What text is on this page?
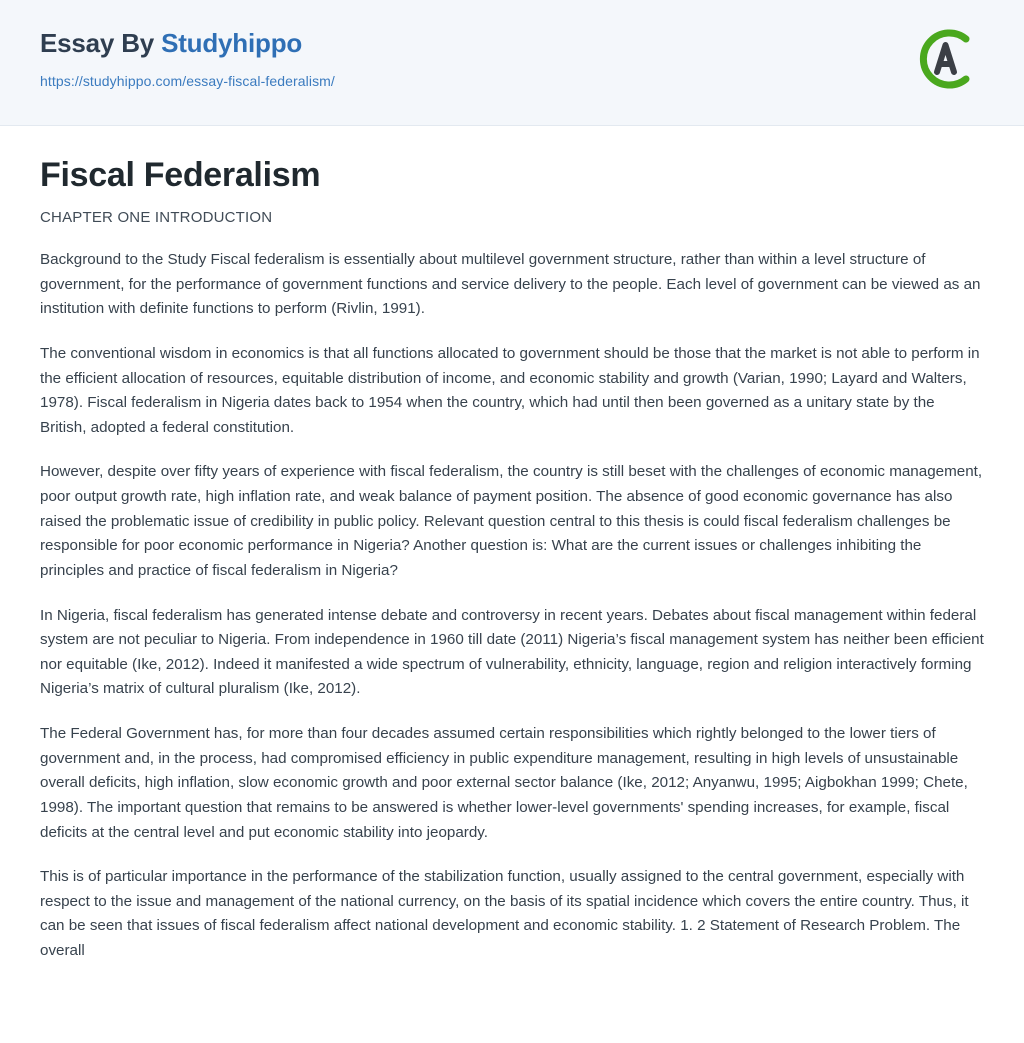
Essay By Studyhippo
https://studyhippo.com/essay-fiscal-federalism/
Fiscal Federalism
CHAPTER ONE INTRODUCTION

Background to the Study Fiscal federalism is essentially about multilevel government structure, rather than within a level structure of government, for the performance of government functions and service delivery to the people. Each level of government can be viewed as an institution with definite functions to perform (Rivlin, 1991).

The conventional wisdom in economics is that all functions allocated to government should be those that the market is not able to perform in the efficient allocation of resources, equitable distribution of income, and economic stability and growth (Varian, 1990; Layard and Walters, 1978). Fiscal federalism in Nigeria dates back to 1954 when the country, which had until then been governed as a unitary state by the British, adopted a federal constitution.

However, despite over fifty years of experience with fiscal federalism, the country is still beset with the challenges of economic management, poor output growth rate, high inflation rate, and weak balance of payment position. The absence of good economic governance has also raised the problematic issue of credibility in public policy. Relevant question central to this thesis is could fiscal federalism challenges be responsible for poor economic performance in Nigeria? Another question is: What are the current issues or challenges inhibiting the principles and practice of fiscal federalism in Nigeria?

In Nigeria, fiscal federalism has generated intense debate and controversy in recent years. Debates about fiscal management within federal system are not peculiar to Nigeria. From independence in 1960 till date (2011) Nigeria’s fiscal management system has neither been efficient nor equitable (Ike, 2012). Indeed it manifested a wide spectrum of vulnerability, ethnicity, language, region and religion interactively forming Nigeria’s matrix of cultural pluralism (Ike, 2012).

The Federal Government has, for more than four decades assumed certain responsibilities which rightly belonged to the lower tiers of government and, in the process, had compromised efficiency in public expenditure management, resulting in high levels of unsustainable overall deficits, high inflation, slow economic growth and poor external sector balance (Ike, 2012; Anyanwu, 1995; Aigbokhan 1999; Chete, 1998). The important question that remains to be answered is whether lower-level governments' spending increases, for example, fiscal deficits at the central level and put economic stability into jeopardy.

This is of particular importance in the performance of the stabilization function, usually assigned to the central government, especially with respect to the issue and management of the national currency, on the basis of its spatial incidence which covers the entire country. Thus, it can be seen that issues of fiscal federalism affect national development and economic stability. 1. 2 Statement of Research Problem. The overall
